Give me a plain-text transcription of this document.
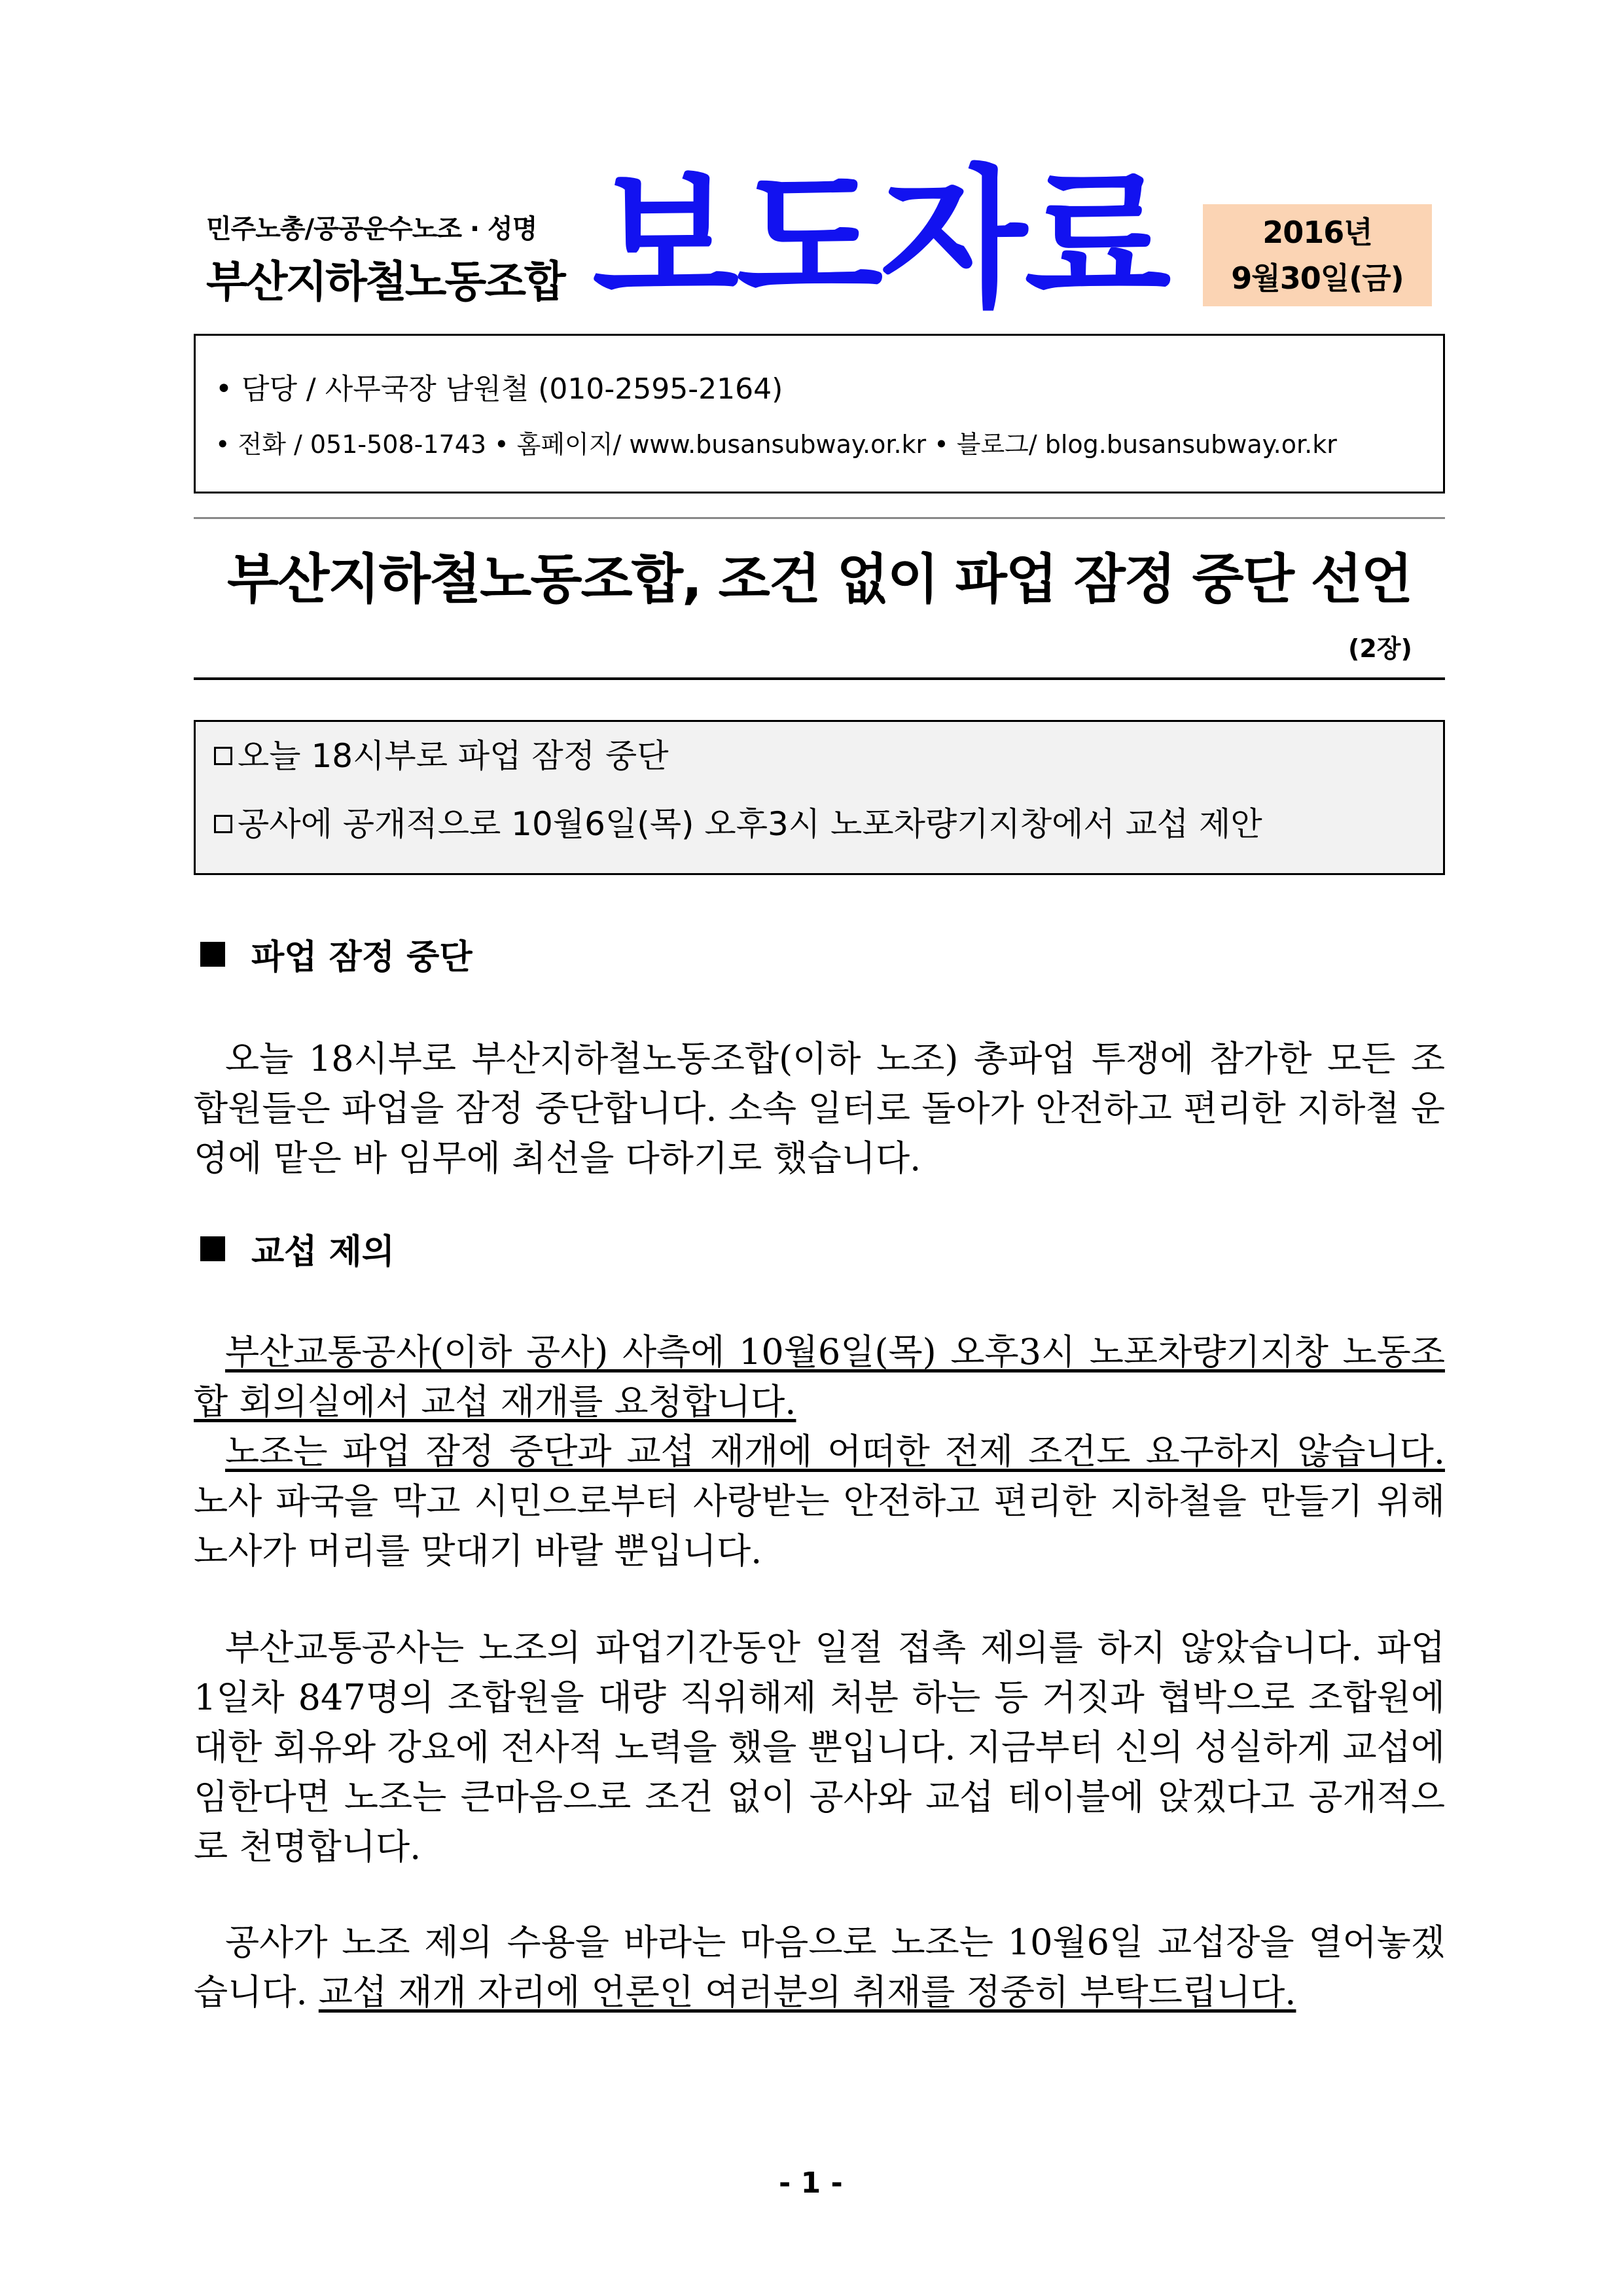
민주노총/공공운수노조 · 성명
부산지하철노동조합 보도자료	2016년
9월30일(금)
• 담당 / 사무국장 남원철 (010-2595-2164)
• 전화 / 051-508-1743 • 홈페이지/ www.busansubway.or.kr • 블로그/ blog.busansubway.or.kr
부산지하철노동조합, 조건 없이 파업 잠정 중단 선언
(2장)
오늘 18시부로 파업 잠정 중단
공사에 공개적으로 10월6일(목) 오후3시 노포차량기지창에서 교섭 제안
파업 잠정 중단
오늘 18시부로 부산지하철노동조합(이하 노조) 총파업 투쟁에 참가한 모든 조합원들은 파업을 잠정 중단합니다. 소속 일터로 돌아가 안전하고 편리한 지하철 운영에 맡은 바 임무에 최선을 다하기로 했습니다.
교섭 제의
부산교통공사(이하 공사) 사측에 10월6일(목) 오후3시 노포차량기지창 노동조합 회의실에서 교섭 재개를 요청합니다.
노조는 파업 잠정 중단과 교섭 재개에 어떠한 전제 조건도 요구하지 않습니다. 노사 파국을 막고 시민으로부터 사랑받는 안전하고 편리한 지하철을 만들기 위해 노사가 머리를 맞대기 바랄 뿐입니다.
부산교통공사는 노조의 파업기간동안 일절 접촉 제의를 하지 않았습니다. 파업 1일차 847명의 조합원을 대량 직위해제 처분 하는 등 거짓과 협박으로 조합원에 대한 회유와 강요에 전사적 노력을 했을 뿐입니다. 지금부터 신의 성실하게 교섭에 임한다면 노조는 큰마음으로 조건 없이 공사와 교섭 테이블에 앉겠다고 공개적으로 천명합니다.
공사가 노조 제의 수용을 바라는 마음으로 노조는 10월6일 교섭장을 열어놓겠습니다. 교섭 재개 자리에 언론인 여러분의 취재를 정중히 부탁드립니다.
- 1 -
